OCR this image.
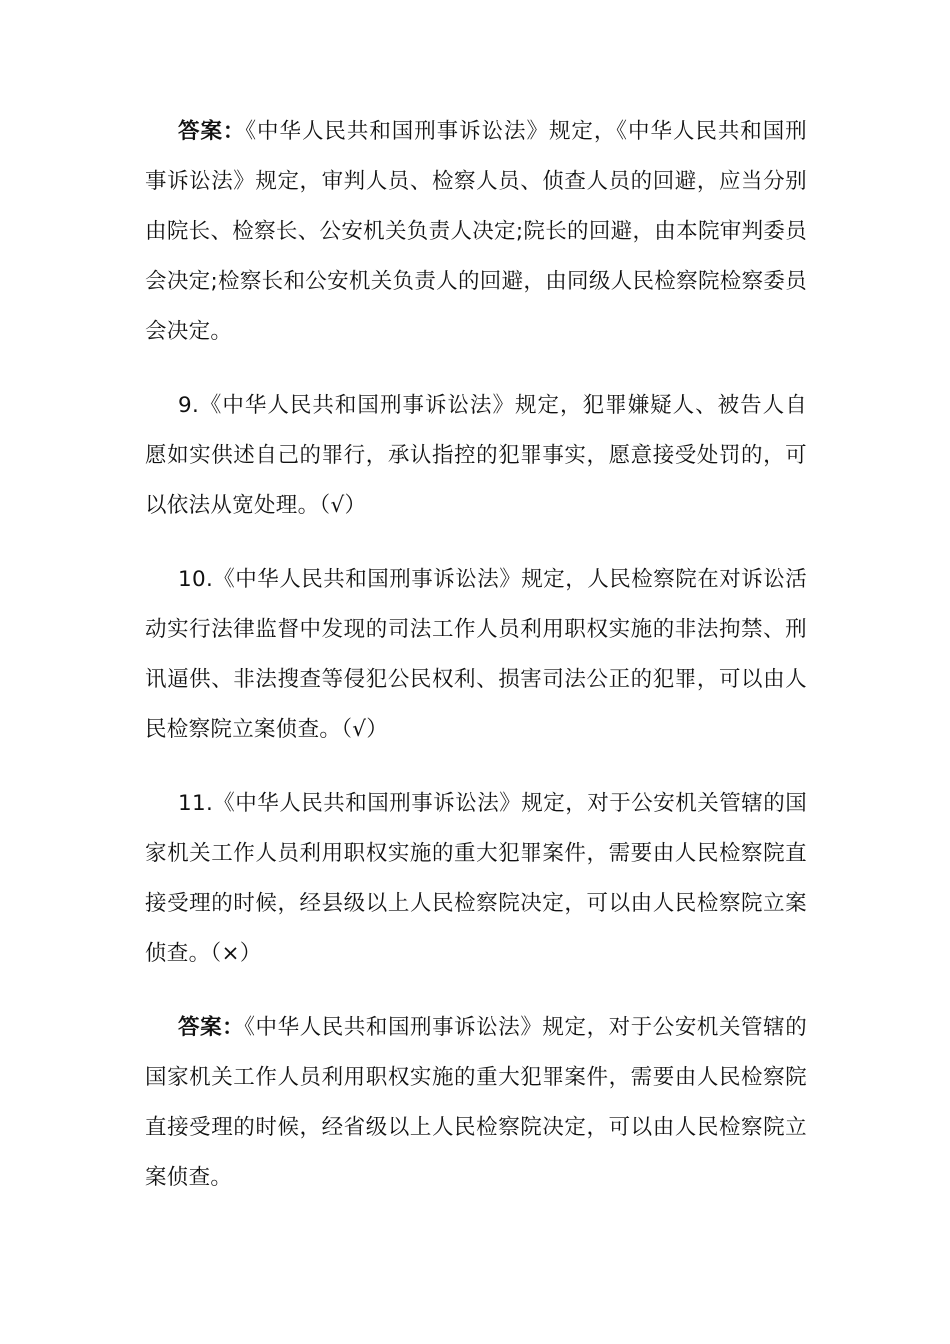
答案：《中华人民共和国刑事诉讼法》规定，《中华人民共和国刑事诉讼法》规定，审判人员、检察人员、侦查人员的回避，应当分别由院长、检察长、公安机关负责人决定;院长的回避，由本院审判委员会决定;检察长和公安机关负责人的回避，由同级人民检察院检察委员会决定。

9.《中华人民共和国刑事诉讼法》规定，犯罪嫌疑人、被告人自愿如实供述自己的罪行，承认指控的犯罪事实，愿意接受处罚的，可以依法从宽处理。（√）

10.《中华人民共和国刑事诉讼法》规定，人民检察院在对诉讼活动实行法律监督中发现的司法工作人员利用职权实施的非法拘禁、刑讯逼供、非法搜查等侵犯公民权利、损害司法公正的犯罪，可以由人民检察院立案侦查。（√）

11.《中华人民共和国刑事诉讼法》规定，对于公安机关管辖的国家机关工作人员利用职权实施的重大犯罪案件，需要由人民检察院直接受理的时候，经县级以上人民检察院决定，可以由人民检察院立案侦查。（×）

答案：《中华人民共和国刑事诉讼法》规定，对于公安机关管辖的国家机关工作人员利用职权实施的重大犯罪案件，需要由人民检察院直接受理的时候，经省级以上人民检察院决定，可以由人民检察院立案侦查。
